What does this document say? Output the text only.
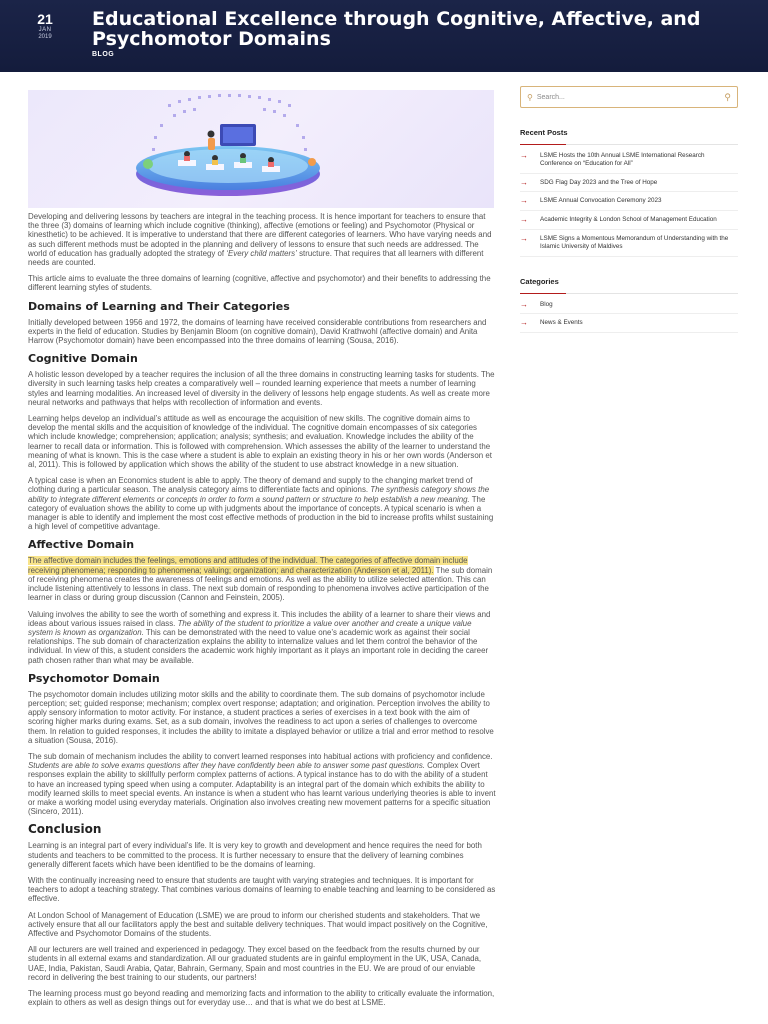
21
JAN
2019
Educational Excellence through Cognitive, Affective, and Psychomotor Domains
BLOG

Developing and delivering lessons by teachers are integral in the teaching process. It is hence important for teachers to ensure that the three (3) domains of learning which include cognitive (thinking), affective (emotions or feeling) and Psychomotor (Physical or kinesthetic) to be achieved. It is imperative to understand that there are different categories of learners. Who have varying needs and as such different methods must be adopted in the planning and delivery of lessons to ensure that such needs are addressed. The world of education has gradually adopted the strategy of ‘Every child matters’ structure. That requires that all learners with different needs are counted.

This article aims to evaluate the three domains of learning (cognitive, affective and psychomotor) and their benefits to addressing the different learning styles of students.

Domains of Learning and Their Categories

Initially developed between 1956 and 1972, the domains of learning have received considerable contributions from researchers and experts in the field of education. Studies by Benjamin Bloom (on cognitive domain), David Krathwohl (affective domain) and Anita Harrow (Psychomotor domain) have been encompassed into the three domains of learning (Sousa, 2016).

Cognitive Domain

A holistic lesson developed by a teacher requires the inclusion of all the three domains in constructing learning tasks for students. The diversity in such learning tasks help creates a comparatively well – rounded learning experience that meets a number of learning styles and learning modalities. An increased level of diversity in the delivery of lessons help engage students. As well as create more neural networks and pathways that helps with recollection of information and events.

Learning helps develop an individual’s attitude as well as encourage the acquisition of new skills. The cognitive domain aims to develop the mental skills and the acquisition of knowledge of the individual. The cognitive domain encompasses of six categories which include knowledge; comprehension; application; analysis; synthesis; and evaluation. Knowledge includes the ability of the learner to recall data or information. This is followed with comprehension. Which assesses the ability of the learner to understand the meaning of what is known. This is the case where a student is able to explain an existing theory in his or her own words (Anderson et al, 2011). This is followed by application which shows the ability of the student to use abstract knowledge in a new situation.

A typical case is when an Economics student is able to apply. The theory of demand and supply to the changing market trend of clothing during a particular season. The analysis category aims to differentiate facts and opinions. The synthesis category shows the ability to integrate different elements or concepts in order to form a sound pattern or structure to help establish a new meaning. The category of evaluation shows the ability to come up with judgments about the importance of concepts. A typical scenario is when a manager is able to identify and implement the most cost effective methods of production in the bid to increase profits whilst sustaining a high level of competitive advantage.

Affective Domain

The affective domain includes the feelings, emotions and attitudes of the individual. The categories of affective domain include receiving phenomena; responding to phenomena; valuing; organization; and characterization (Anderson et al, 2011). The sub domain of receiving phenomena creates the awareness of feelings and emotions. As well as the ability to utilize selected attention. This can include listening attentively to lessons in class. The next sub domain of responding to phenomena involves active participation of the learner in class or during group discussion (Cannon and Feinstein, 2005).

Valuing involves the ability to see the worth of something and express it. This includes the ability of a learner to share their views and ideas about various issues raised in class. The ability of the student to prioritize a value over another and create a unique value system is known as organization. This can be demonstrated with the need to value one’s academic work as against their social relationships. The sub domain of characterization explains the ability to internalize values and let them control the behavior of the individual. In view of this, a student considers the academic work highly important as it plays an important role in deciding the career path chosen rather than what may be available.

Psychomotor Domain

The psychomotor domain includes utilizing motor skills and the ability to coordinate them. The sub domains of psychomotor include perception; set; guided response; mechanism; complex overt response; adaptation; and origination. Perception involves the ability to apply sensory information to motor activity. For instance, a student practices a series of exercises in a text book with the aim of scoring higher marks during exams. Set, as a sub domain, involves the readiness to act upon a series of challenges to overcome them. In relation to guided responses, it includes the ability to imitate a displayed behavior or utilize a trial and error method to resolve a situation (Sousa, 2016).

The sub domain of mechanism includes the ability to convert learned responses into habitual actions with proficiency and confidence. Students are able to solve exams questions after they have confidently been able to answer some past questions. Complex Overt responses explain the ability to skillfully perform complex patterns of actions. A typical instance has to do with the ability of a student to have an increased typing speed when using a computer. Adaptability is an integral part of the domain which exhibits the ability to modify learned skills to meet special events. An instance is when a student who has learnt various underlying theories is able to invent or make a working model using everyday materials. Origination also involves creating new movement patterns for a specific situation (Sincero, 2011).

Conclusion

Learning is an integral part of every individual’s life. It is very key to growth and development and hence requires the need for both students and teachers to be committed to the process. It is further necessary to ensure that the delivery of learning combines generally different facets which have been identified to be the domains of learning.

With the continually increasing need to ensure that students are taught with varying strategies and techniques. It is important for teachers to adopt a teaching strategy. That combines various domains of learning to enable teaching and learning to be considered as effective.

At London School of Management of Education (LSME) we are proud to inform our cherished students and stakeholders. That we actively ensure that all our facilitators apply the best and suitable delivery techniques. That would impact positively on the Cognitive, Affective and Psychomotor Domains of the students.

All our lecturers are well trained and experienced in pedagogy. They excel based on the feedback from the results churned by our students in all external exams and standardization. All our graduated students are in gainful employment in the UK, USA, Canada, UAE, India, Pakistan, Saudi Arabia, Qatar, Bahrain, Germany, Spain and most countries in the EU. We are proud of our enviable record in delivering the best training to our students, our partners!

The learning process must go beyond reading and memorizing facts and information to the ability to critically evaluate the information, explain to others as well as design things out for everyday use… and that is what we do best at LSME.

⚲ Search...	⚲
Recent Posts
→	LSME Hosts the 10th Annual LSME International Research Conference on “Education for All”
→	SDG Flag Day 2023 and the Tree of Hope
→	LSME Annual Convocation Ceremony 2023
→	Academic Integrity & London School of Management Education
→	LSME Signs a Momentous Memorandum of Understanding with the Islamic University of Maldives
Categories
→	Blog
→	News & Events
